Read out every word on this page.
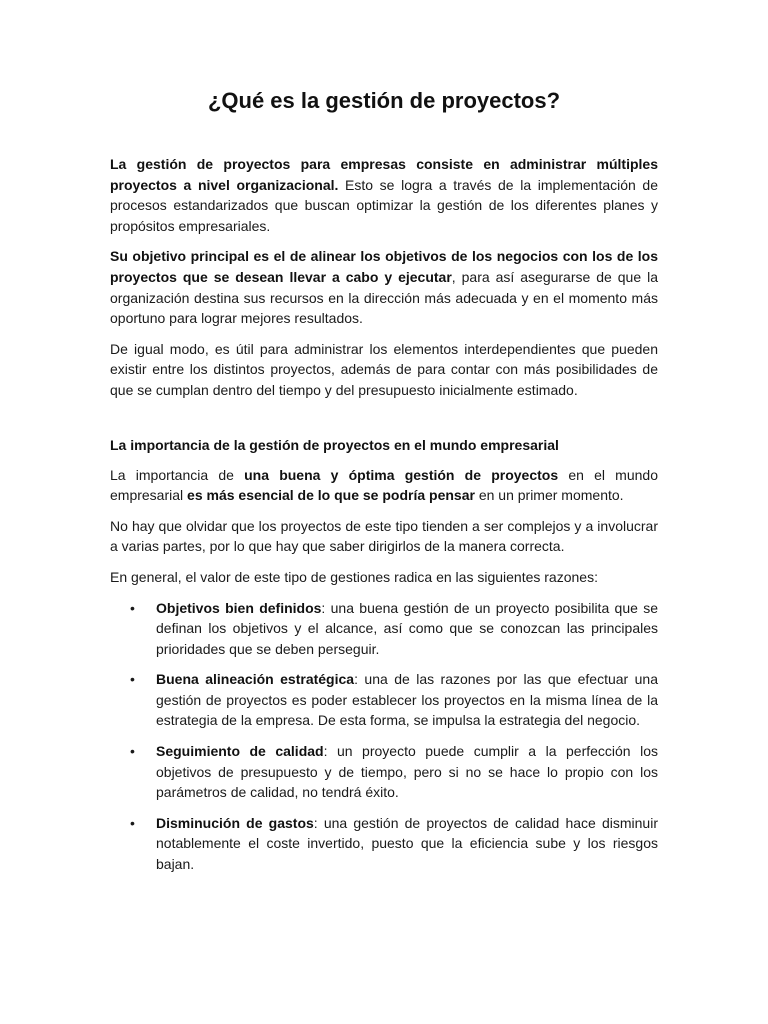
¿Qué es la gestión de proyectos?

La gestión de proyectos para empresas consiste en administrar múltiples proyectos a nivel organizacional. Esto se logra a través de la implementación de procesos estandarizados que buscan optimizar la gestión de los diferentes planes y propósitos empresariales.

Su objetivo principal es el de alinear los objetivos de los negocios con los de los proyectos que se desean llevar a cabo y ejecutar, para así asegurarse de que la organización destina sus recursos en la dirección más adecuada y en el momento más oportuno para lograr mejores resultados.

De igual modo, es útil para administrar los elementos interdependientes que pueden existir entre los distintos proyectos, además de para contar con más posibilidades de que se cumplan dentro del tiempo y del presupuesto inicialmente estimado.

La importancia de la gestión de proyectos en el mundo empresarial

La importancia de una buena y óptima gestión de proyectos en el mundo empresarial es más esencial de lo que se podría pensar en un primer momento.

No hay que olvidar que los proyectos de este tipo tienden a ser complejos y a involucrar a varias partes, por lo que hay que saber dirigirlos de la manera correcta.

En general, el valor de este tipo de gestiones radica en las siguientes razones:

•	Objetivos bien definidos: una buena gestión de un proyecto posibilita que se definan los objetivos y el alcance, así como que se conozcan las principales prioridades que se deben perseguir.
•	Buena alineación estratégica: una de las razones por las que efectuar una gestión de proyectos es poder establecer los proyectos en la misma línea de la estrategia de la empresa. De esta forma, se impulsa la estrategia del negocio.
•	Seguimiento de calidad: un proyecto puede cumplir a la perfección los objetivos de presupuesto y de tiempo, pero si no se hace lo propio con los parámetros de calidad, no tendrá éxito.
•	Disminución de gastos: una gestión de proyectos de calidad hace disminuir notablemente el coste invertido, puesto que la eficiencia sube y los riesgos bajan.
